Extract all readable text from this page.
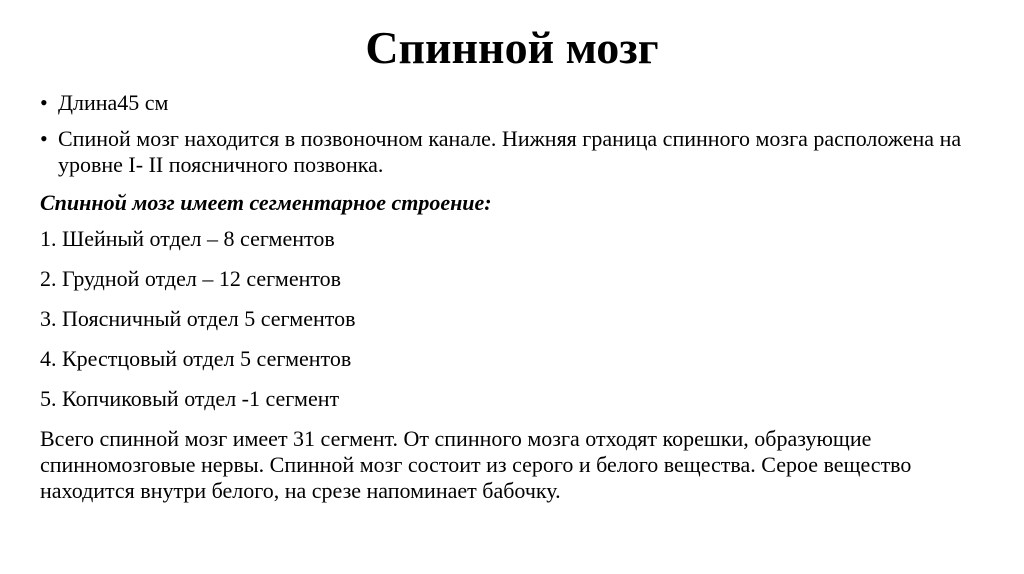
Спинной мозг
• Длина45 см
• Спиной мозг находится в позвоночном канале. Нижняя граница спинного мозга расположена на уровне I- II поясничного позвонка.
Спинной мозг имеет сегментарное строение:
1. Шейный отдел – 8 сегментов
2. Грудной отдел – 12 сегментов
3. Поясничный отдел 5 сегментов
4. Крестцовый отдел 5 сегментов
5. Копчиковый отдел -1 сегмент

Всего спинной мозг имеет 31 сегмент. От спинного мозга отходят корешки, образующие спинномозговые нервы. Спинной мозг состоит из серого и белого вещества. Серое вещество находится внутри белого, на срезе напоминает бабочку.
